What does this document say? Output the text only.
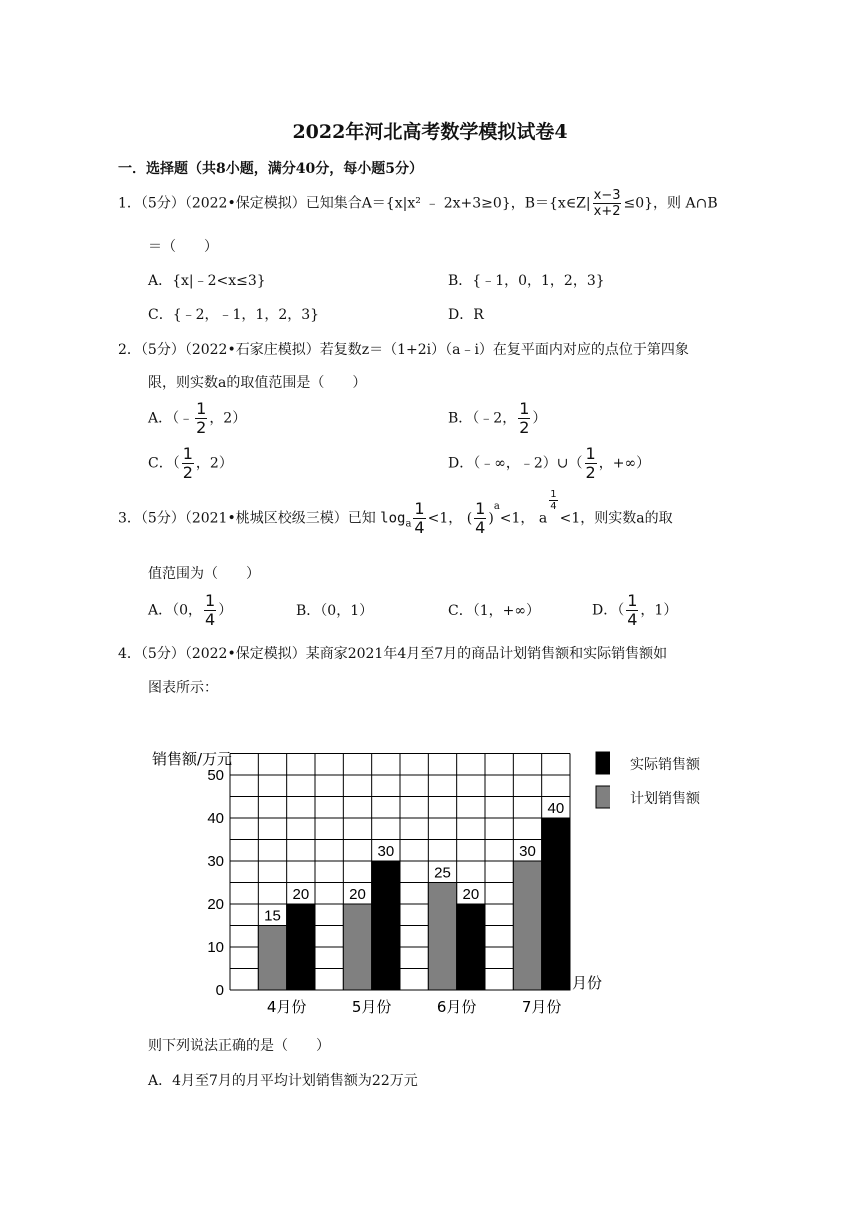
2022年河北高考数学模拟试卷4
一．选择题（共8小题，满分40分，每小题5分）
1．（5分）（2022•保定模拟）已知集合A＝{x|x² ﹣ 2x+3≥0}，B＝{x∈Z| $\frac{x-3}{x+2} \le 0$}，则 A∩B
＝（　　）
A．{x|﹣2<x≤3}	B．{﹣1，0，1，2，3}
C．{﹣2，﹣1，1，2，3}	D．R
2．（5分）（2022•石家庄模拟）若复数z＝（1+2i）（a﹣i）在复平面内对应的点位于第四象
限，则实数a的取值范围是（　　）
A．（﹣ $\frac{1}{2}$ ，2）	B．（﹣2， $\frac{1}{2}$ ）
C．（ $\frac{1}{2}$ ，2）	D．（﹣∞，﹣2）∪（ $\frac{1}{2}$ ，+∞）
3．（5分）（2021•桃城区校级三模）已知 $\log_a \frac{1}{4} <1$， ( $\frac{1}{4} )^a<1$， a
$^{\frac{1}{4}}$
<1，则实数a的取
值范围为（　　）
A．（0， $\frac{1}{4}$ ）	B．（0，1）	C．（1，+∞）	D．（ $\frac{1}{4}$ ，1）
4．（5分）（2022•保定模拟）某商家2021年4月至7月的商品计划销售额和实际销售额如
图表所示：
0
10
20
30
40
50
销售额/万元
月份
15
20
4月份
20
30
5月份
25
20
6月份
30
40
7月份
则下列说法正确的是（　　）
A．4月至7月的月平均计划销售额为22万元
实际销售额
计划销售额
